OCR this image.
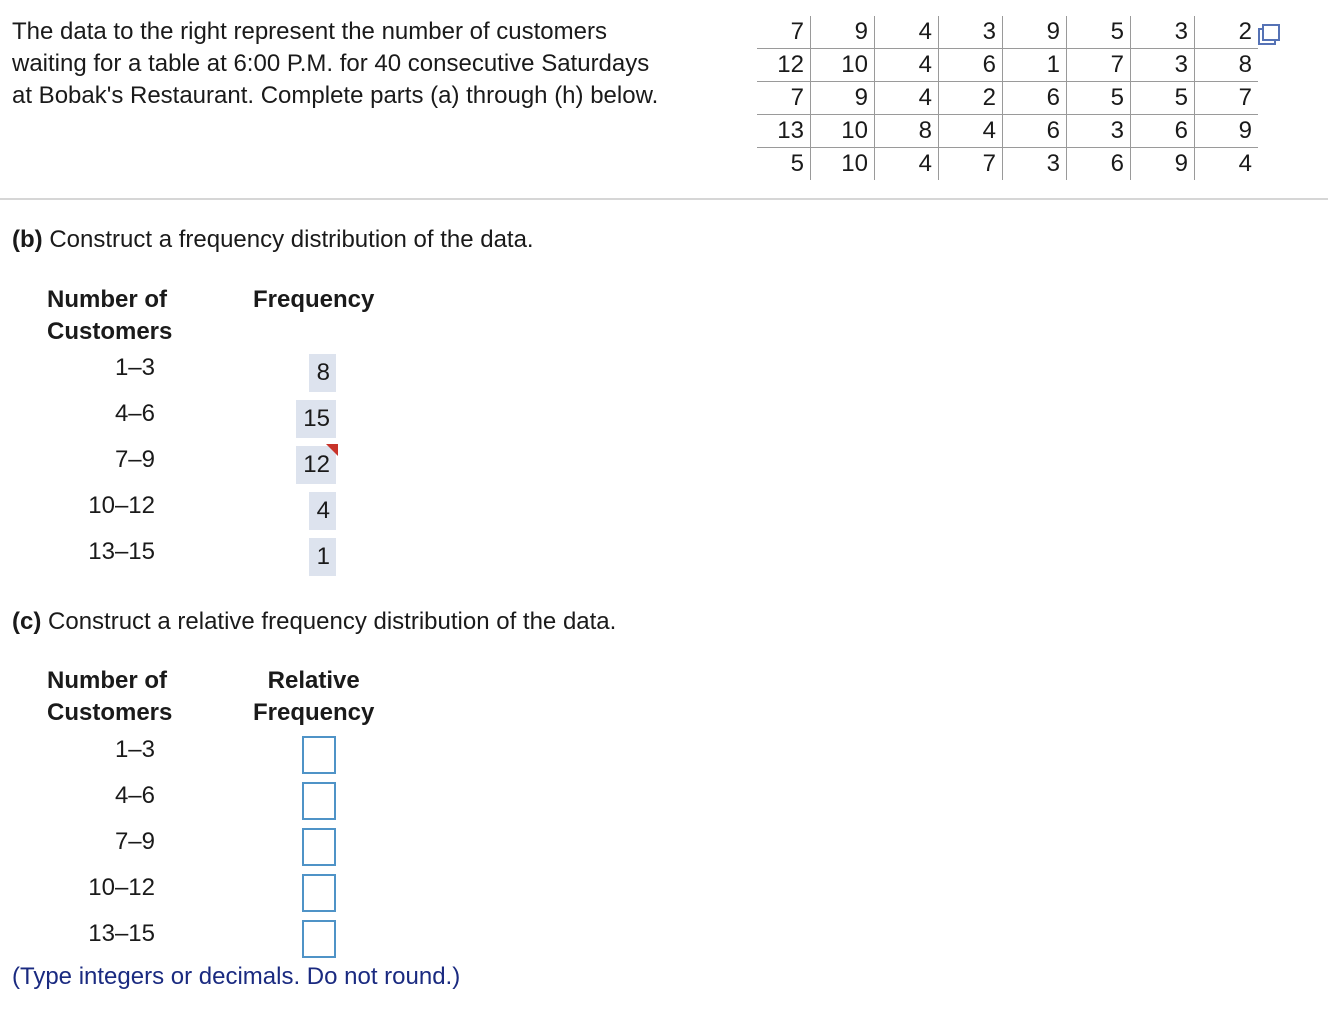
The data to the right represent the number of customers waiting for a table at 6:00 P.M. for 40 consecutive Saturdays at Bobak's Restaurant. Complete parts (a) through (h) below.
7	9	4	3	9	5	3	2
12	10	4	6	1	7	3	8
7	9	4	2	6	5	5	7
13	10	8	4	6	3	6	9
5	10	4	7	3	6	9	4
(b) Construct a frequency distribution of the data.
Number of
Customers
Frequency
1–3	8
4–6	15
7–9	12
10–12	4
13–15	1
(c) Construct a relative frequency distribution of the data.
Number of
Customers
Relative
Frequency
1–3
4–6
7–9
10–12
13–15
(Type integers or decimals. Do not round.)
